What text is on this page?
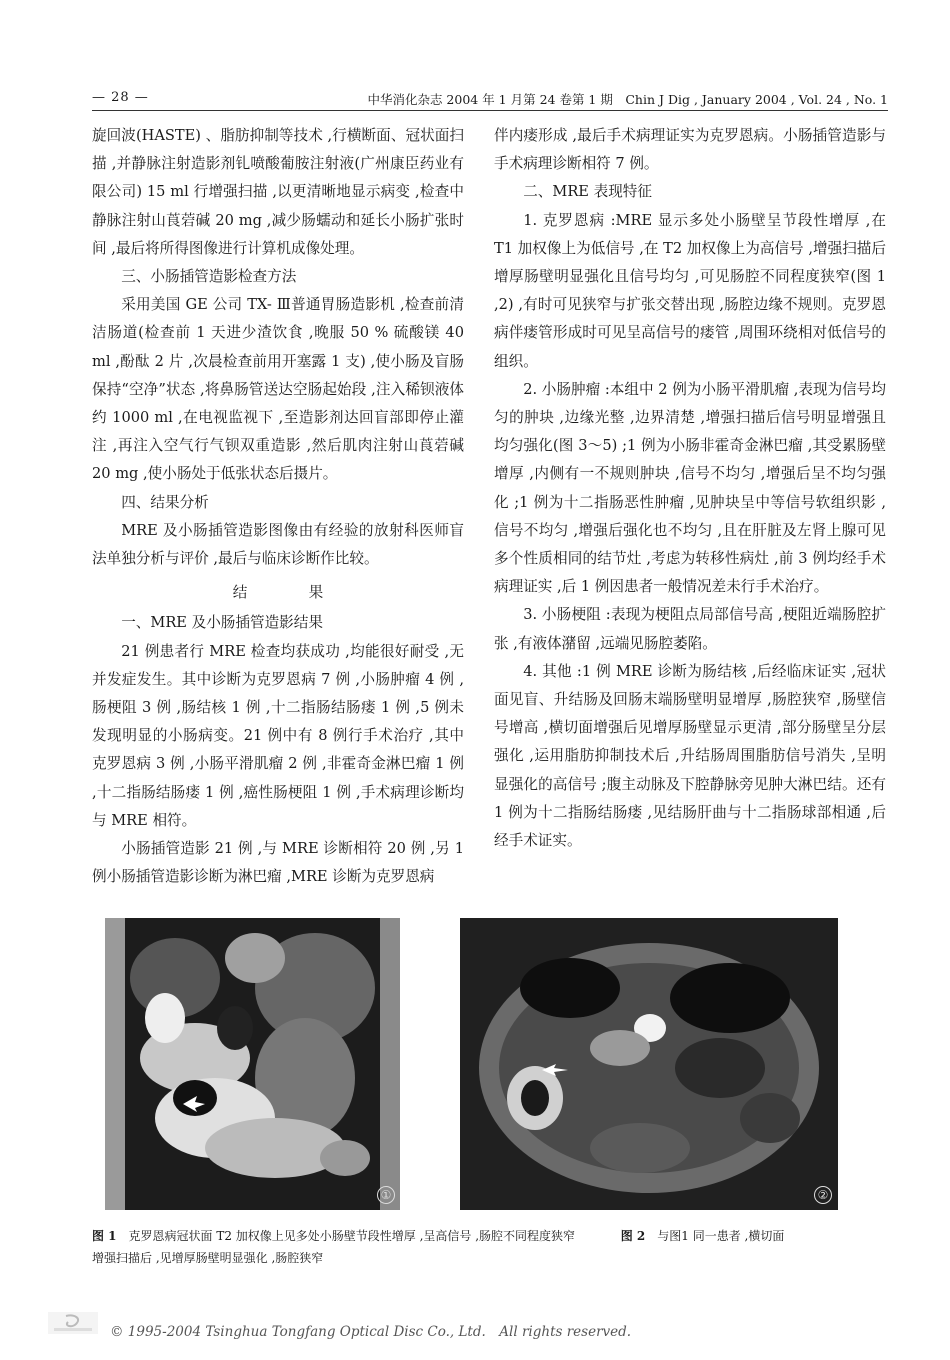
— 28 —	中华消化杂志 2004 年 1 月第 24 卷第 1 期　Chin J Dig , January 2004 , Vol. 24 , No. 1

旋回波(HASTE) 、脂肪抑制等技术 ,行横断面、冠状面扫描 ,并静脉注射造影剂钆喷酸葡胺注射液(广州康臣药业有限公司) 15 ml 行增强扫描 ,以更清晰地显示病变 ,检查中静脉注射山莨菪碱 20 mg ,减少肠蠕动和延长小肠扩张时间 ,最后将所得图像进行计算机成像处理。

三、小肠插管造影检查方法

采用美国 GE 公司 TX- Ⅲ普通胃肠造影机 ,检查前清洁肠道(检查前 1 天进少渣饮食 ,晚服 50 % 硫酸镁 40 ml ,酚酞 2 片 ,次晨检查前用开塞露 1 支) ,使小肠及盲肠保持“空净”状态 ,将鼻肠管送达空肠起始段 ,注入稀钡液体约 1000 ml ,在电视监视下 ,至造影剂达回盲部即停止灌注 ,再注入空气行气钡双重造影 ,然后肌肉注射山莨菪碱 20 mg ,使小肠处于低张状态后摄片。

四、结果分析

MRE 及小肠插管造影图像由有经验的放射科医师盲法单独分析与评价 ,最后与临床诊断作比较。

结　果

一、MRE 及小肠插管造影结果

21 例患者行 MRE 检查均获成功 ,均能很好耐受 ,无并发症发生。其中诊断为克罗恩病 7 例 ,小肠肿瘤 4 例 ,肠梗阻 3 例 ,肠结核 1 例 ,十二指肠结肠瘘 1 例 ,5 例未发现明显的小肠病变。21 例中有 8 例行手术治疗 ,其中克罗恩病 3 例 ,小肠平滑肌瘤 2 例 ,非霍奇金淋巴瘤 1 例 ,十二指肠结肠瘘 1 例 ,癌性肠梗阻 1 例 ,手术病理诊断均与 MRE 相符。

小肠插管造影 21 例 ,与 MRE 诊断相符 20 例 ,另 1 例小肠插管造影诊断为淋巴瘤 ,MRE 诊断为克罗恩病

伴内瘘形成 ,最后手术病理证实为克罗恩病。小肠插管造影与手术病理诊断相符 7 例。

二、MRE 表现特征

1. 克罗恩病 :MRE 显示多处小肠壁呈节段性增厚 ,在 T1 加权像上为低信号 ,在 T2 加权像上为高信号 ,增强扫描后增厚肠壁明显强化且信号均匀 ,可见肠腔不同程度狭窄(图 1 ,2) ,有时可见狭窄与扩张交替出现 ,肠腔边缘不规则。克罗恩病伴瘘管形成时可见呈高信号的瘘管 ,周围环绕相对低信号的组织。

2. 小肠肿瘤 :本组中 2 例为小肠平滑肌瘤 ,表现为信号均匀的肿块 ,边缘光整 ,边界清楚 ,增强扫描后信号明显增强且均匀强化(图 3～5) ;1 例为小肠非霍奇金淋巴瘤 ,其受累肠壁增厚 ,内侧有一不规则肿块 ,信号不均匀 ,增强后呈不均匀强化 ;1 例为十二指肠恶性肿瘤 ,见肿块呈中等信号软组织影 ,信号不均匀 ,增强后强化也不均匀 ,且在肝脏及左肾上腺可见多个性质相同的结节灶 ,考虑为转移性病灶 ,前 3 例均经手术病理证实 ,后 1 例因患者一般情况差未行手术治疗。

3. 小肠梗阻 :表现为梗阻点局部信号高 ,梗阻近端肠腔扩张 ,有液体潴留 ,远端见肠腔萎陷。

4. 其他 :1 例 MRE 诊断为肠结核 ,后经临床证实 ,冠状面见盲、升结肠及回肠末端肠壁明显增厚 ,肠腔狭窄 ,肠壁信号增高 ,横切面增强后见增厚肠壁显示更清 ,部分肠壁呈分层强化 ,运用脂肪抑制技术后 ,升结肠周围脂肪信号消失 ,呈明显强化的高信号 ;腹主动脉及下腔静脉旁见肿大淋巴结。还有 1 例为十二指肠结肠瘘 ,见结肠肝曲与十二指肠球部相通 ,后经手术证实。

①	②
图 1　克罗恩病冠状面 T2 加权像上见多处小肠壁节段性增厚 ,呈高信号 ,肠腔不同程度狭窄	图 2　与图1 同一患者 ,横切面
增强扫描后 ,见增厚肠壁明显强化 ,肠腔狭窄
© 1995-2004 Tsinghua Tongfang Optical Disc Co., Ltd.　All rights reserved.
